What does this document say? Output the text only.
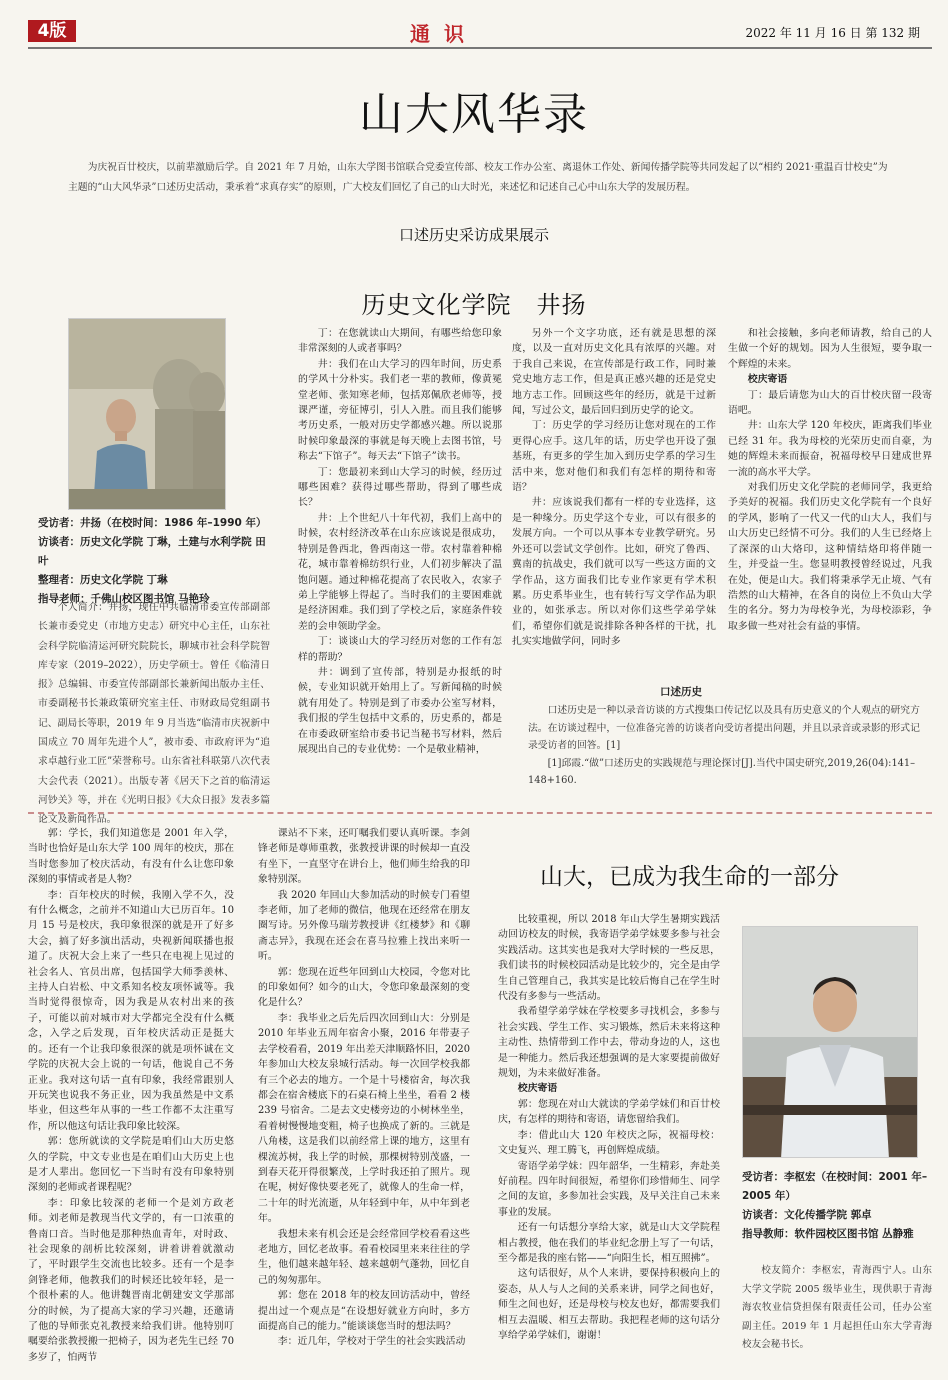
4版	通识	2022 年 11 月 16 日 第 132 期
山大风华录
为庆祝百廿校庆，以前辈激励后学。自 2021 年 7 月始，山东大学图书馆联合党委宣传部、校友工作办公室、离退休工作处、新闻传播学院等共同发起了以“相约 2021·重温百廿校史”为主题的“山大风华录”口述历史活动，秉承着“求真存实”的原则，广大校友们回忆了自己的山大时光，来述忆和记述自己心中山东大学的发展历程。
口述历史采访成果展示
历史文化学院　井扬
受访者：井扬（在校时间：1986 年–1990 年）
访谈者：历史文化学院 丁琳，土建与水利学院 田叶
整理者：历史文化学院 丁琳
指导老师：千佛山校区图书馆 马艳玲

个人简介：井扬，现任中共临清市委宣传部副部长兼市委党史（市地方史志）研究中心主任，山东社会科学院临清运河研究院院长，聊城市社会科学院智库专家（2019–2022），历史学硕士。曾任《临清日报》总编辑、市委宣传部副部长兼新闻出版办主任、市委副秘书长兼政策研究室主任、市财政局党组副书记、副局长等职，2019 年 9 月当选“临清市庆祝新中国成立 70 周年先进个人”，被市委、市政府评为“追求卓越行业工匠”荣誉称号。山东省社科联第八次代表大会代表（2021）。出版专著《居天下之首的临清运河钞关》等，并在《光明日报》《大众日报》发表多篇论文及新闻作品。

丁：在您就读山大期间，有哪些给您印象非常深刻的人或者事吗？

井：我们在山大学习的四年时间，历史系的学风十分朴实。我们老一辈的教师，像黄冕堂老师、张知寒老师，包括郑佩欣老师等，授课严谨，旁征博引，引人入胜。而且我们能够考历史系，一般对历史学都感兴趣。所以说那时候印象最深的事就是每天晚上去图书馆，号称去“下馆子”。每天去“下馆子”读书。

丁：您最初来到山大学习的时候，经历过哪些困难？获得过哪些帮助，得到了哪些成长？

井：上个世纪八十年代初，我们上高中的时候，农村经济改革在山东应该说是很成功，特别是鲁西北，鲁西南这一带。农村靠着种棉花，城市靠着棉纺织行业，人们初步解决了温饱问题。通过种棉花提高了农民收入，农家子弟上学能够上得起了。当时我们的主要困难就是经济困难。我们到了学校之后，家庭条件较差的会申领助学金。

丁：谈谈山大的学习经历对您的工作有怎样的帮助？

井：调到了宣传部，特别是办报纸的时候，专业知识就开始用上了。写新闻稿的时候就有用处了。特别是到了市委办公室写材料，我们报的学生包括中文系的，历史系的，都是在市委政研室给市委书记当秘书写材料，然后展现出自己的专业优势：一个是敬业精神，

另外一个文字功底，还有就是思想的深度，以及一直对历史文化具有浓厚的兴趣。对于我自己来说，在宣传部是行政工作，同时兼党史地方志工作，但是真正感兴趣的还是党史地方志工作。回顾这些年的经历，就是干过新闻，写过公文，最后回归到历史学的论文。

丁：历史学的学习经历让您对现在的工作更得心应手。这几年的话，历史学也开设了强基班，有更多的学生加入到历史学系的学习生活中来，您对他们和我们有怎样的期待和寄语？

井：应该说我们都有一样的专业选择，这是一种缘分。历史学这个专业，可以有很多的发展方向。一个可以从事本专业教学研究。另外还可以尝试文学创作。比如，研究了鲁西、冀南的抗战史，我们就可以写一些这方面的文学作品，这方面我们比专业作家更有学术积累。历史系毕业生，也有转行写文学作品为职业的，如张承志。所以对你们这些学弟学妹们，希望你们就是说排除各种各样的干扰，扎扎实实地做学问，同时多

和社会接触，多向老师请教，给自己的人生做一个好的规划。因为人生很短，要争取一个辉煌的未来。

校庆寄语

丁：最后请您为山大的百廿校庆留一段寄语吧。

井：山东大学 120 年校庆，距离我们毕业已经 31 年。我为母校的光荣历史而自豪，为她的辉煌未来而振奋，祝福母校早日建成世界一流的高水平大学。

对我们历史文化学院的老师同学，我更给予美好的祝福。我们历史文化学院有一个良好的学风，影响了一代又一代的山大人，我们与山大历史已经情不可分。我们的人生已经烙上了深深的山大烙印，这种情结烙印将伴随一生，并受益一生。您显明教授曾经说过，凡我在处，便是山大。我们将秉承学无止境、气有浩然的山大精神，在各自的岗位上不负山大学生的名分。努力为母校争光，为母校添彩，争取多做一些对社会有益的事情。

口述历史

口述历史是一种以录音访谈的方式搜集口传记忆以及具有历史意义的个人观点的研究方法。在访谈过程中，一位准备完善的访谈者向受访者提出问题，并且以录音或录影的形式记录受访者的回答。[1]

[1]邱霞.“做”口述历史的实践规范与理论探讨[J].当代中国史研究,2019,26(04):141–148+160.

山大，已成为我生命的一部分

郭：学长，我们知道您是 2001 年入学，当时也恰好是山东大学 100 周年的校庆，那在当时您参加了校庆活动，有没有什么让您印象深刻的事情或者是人物？

李：百年校庆的时候，我刚入学不久，没有什么概念，之前并不知道山大已历百年。10 月 15 号是校庆，我印象很深的就是开了好多大会，搞了好多演出活动，央视新闻联播也报道了。庆祝大会上来了一些只在电视上见过的社会名人、官员出席，包括国学大师季羡林、主持人白岩松、中文系知名校友项怀诚等。我当时觉得很惊奇，因为我是从农村出来的孩子，可能以前对城市对大学都完全没有什么概念，入学之后发现，百年校庆活动正是挺大的。还有一个让我印象很深的就是项怀诚在文学院的庆祝大会上说的一句话，他说自己不务正业。我对这句话一直有印象，我经常跟别人开玩笑也说我不务正业，因为我虽然是中文系毕业，但这些年从事的一些工作都不太注重写作，所以他这句话让我印象比较深。

郭：您所就读的文学院是咱们山大历史悠久的学院，中文专业也是在咱们山大历史上也是才人辈出。您回忆一下当时有没有印象特别深刻的老师或者课程呢？

李：印象比较深的老师一个是刘方政老师。刘老师是教现当代文学的，有一口浓重的鲁南口音。当时他是那种热血青年，对时政、社会现象的剖析比较深刻，讲着讲着就激动了，平时跟学生交流也比较多。还有一个是李剑锋老师，他教我们的时候还比较年轻，是一个很朴素的人。他讲魏晋南北朝建安文学那部分的时候，为了提高大家的学习兴趣，还邀请了他的导师张克礼教授来给我们讲。他特别叮嘱要给张教授搬一把椅子，因为老先生已经 70 多岁了，怕两节

课站不下来，还叮嘱我们要认真听课。李剑锋老师是尊师重教，张教授讲课的时候却一直没有坐下，一直坚守在讲台上，他们师生给我的印象特别深。

我 2020 年回山大参加活动的时候专门看望李老师，加了老师的微信，他现在还经常在朋友圈写诗。另外像马瑞芳教授讲《红楼梦》和《聊斋志异》，我现在还会在喜马拉雅上找出来听一听。

郭：您现在近些年回到山大校园，令您对比的印象如何？如今的山大，令您印象最深刻的变化是什么？

李：我毕业之后先后四次回到山大：分别是 2010 年毕业五周年宿舍小聚，2016 年带妻子去学校看看，2019 年出差天津顺路怀旧，2020 年参加山大校友泉城行活动。每一次回学校我都有三个必去的地方。一个是十号楼宿舍，每次我都会在宿舍楼底下的石桌石椅上坐坐，看看 2 楼 239 号宿舍。二是去文史楼旁边的小树林坐坐，看着树慢慢地变粗，椅子也换成了新的。三就是八角楼，这是我们以前经常上课的地方，这里有棵流苏树，我上学的时候，那棵树特别茂盛，一到春天花开得很繁茂，上学时我还拍了照片。现在呢，树好像快要老死了，就像人的生命一样，二十年的时光流逝，从年轻到中年，从中年到老年。

我想未来有机会还是会经常回学校看看这些老地方，回忆老故事。看看校园里来来往往的学生，他们越来越年轻、越来越朝气蓬勃，回忆自己的匆匆那年。

郭：您在 2018 年的校友回访活动中，曾经提出过一个观点是“在设想好就业方向时，多方面提高自己的能力。”能谈谈您当时的想法吗？

李：近几年，学校对于学生的社会实践活动

比较重视，所以 2018 年山大学生暑期实践活动回访校友的时候，我寄语学弟学妹要多参与社会实践活动。这其实也是我对大学时候的一些反思，我们读书的时候校园活动是比较少的，完全是由学生自己管理自己，我其实是比较后悔自己在学生时代没有多参与一些活动。

我希望学弟学妹在学校要多寻找机会，多参与社会实践、学生工作、实习锻炼，然后未来将这种主动性、热情带到工作中去，带动身边的人，这也是一种能力。然后我还想强调的是大家要提前做好规划，为未来做好准备。

校庆寄语

郭：您现在对山大就读的学弟学妹们和百廿校庆，有怎样的期待和寄语，请您留给我们。

李：借此山大 120 年校庆之际，祝福母校：文史复兴、理工腾飞，再创辉煌成绩。

寄语学弟学妹：四年韶华，一生精彩，奔赴美好前程。四年时间很短，希望你们珍惜师生、同学之间的友谊，多参加社会实践，及早关注自己未来事业的发展。

还有一句话想分享给大家，就是山大文学院程相占教授，他在我们的毕业纪念册上写了一句话，至今都是我的座右铭——“向阳生长，相互照拂”。

这句话很好，从个人来讲，要保持积极向上的姿态，从人与人之间的关系来讲，同学之间也好，师生之间也好，还是母校与校友也好，都需要我们相互去温暖、相互去帮助。我把程老师的这句话分享给学弟学妹们，谢谢！

受访者：李枢宏（在校时间：2001 年–2005 年）
访谈者：文化传播学院 郭卓
指导教师：软件园校区图书馆 丛静雅

校友简介：李枢宏，青海西宁人。山东大学文学院 2005 级毕业生，现供职于青海海农牧业信贷担保有限责任公司，任办公室副主任。2019 年 1 月起担任山东大学青海校友会秘书长。
